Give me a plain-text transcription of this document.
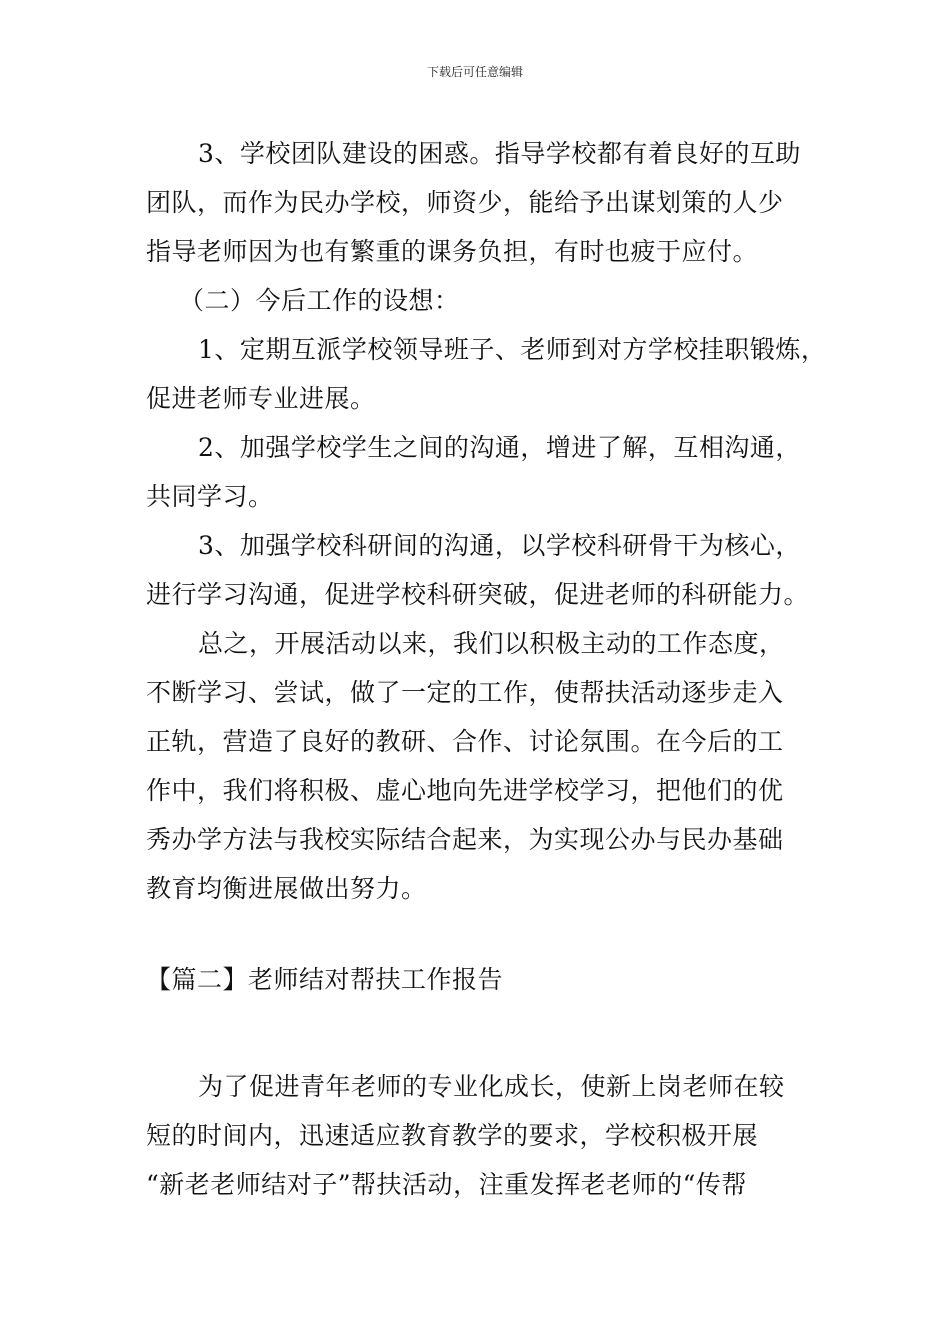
下载后可任意编辑
3、学校团队建设的困惑。指导学校都有着良好的互助
团队，而作为民办学校，师资少，能给予出谋划策的人少
指导老师因为也有繁重的课务负担，有时也疲于应付。
（二）今后工作的设想：
1、定期互派学校领导班子、老师到对方学校挂职锻炼，
促进老师专业进展。
2、加强学校学生之间的沟通，增进了解，互相沟通，
共同学习。
3、加强学校科研间的沟通，以学校科研骨干为核心，
进行学习沟通，促进学校科研突破，促进老师的科研能力。
总之，开展活动以来，我们以积极主动的工作态度，
不断学习、尝试，做了一定的工作，使帮扶活动逐步走入
正轨，营造了良好的教研、合作、讨论氛围。在今后的工
作中，我们将积极、虚心地向先进学校学习，把他们的优
秀办学方法与我校实际结合起来，为实现公办与民办基础
教育均衡进展做出努力。
【篇二】老师结对帮扶工作报告
为了促进青年老师的专业化成长，使新上岗老师在较
短的时间内，迅速适应教育教学的要求，学校积极开展
“新老老师结对子”帮扶活动，注重发挥老老师的“传帮
